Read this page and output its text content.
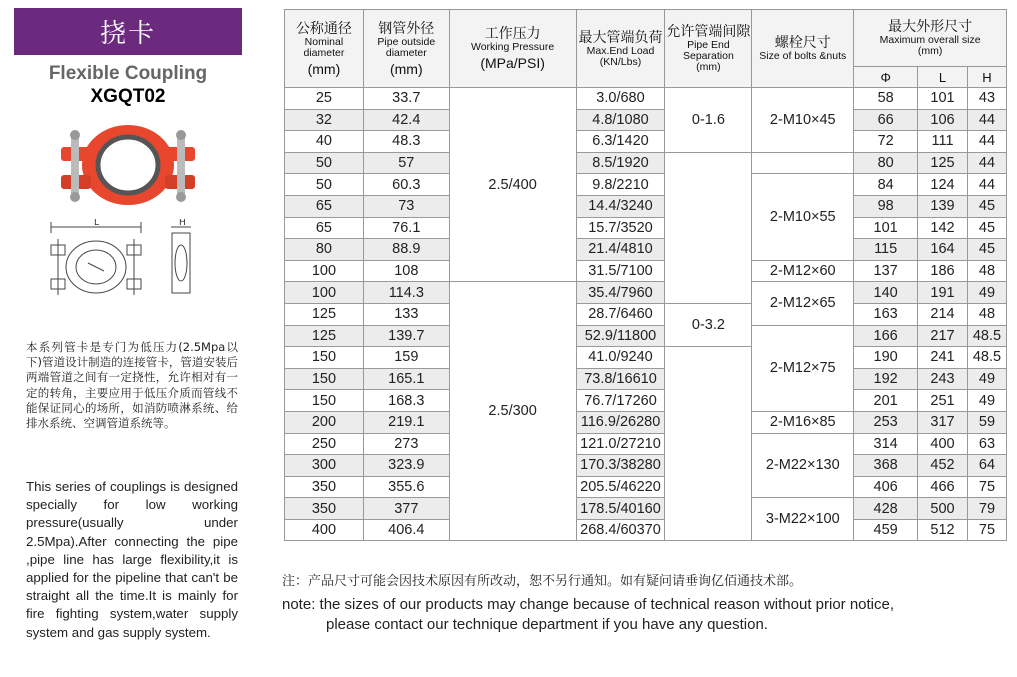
挠卡
Flexible Coupling
XGQT02
L	H
本系列管卡是专门为低压力(2.5Mpa以下)管道设计制造的连接管卡，管道安装后两端管道之间有一定挠性，允许相对有一定的转角，主要应用于低压介质而管线不能保证同心的场所，如消防喷淋系统、给排水系统、空调管道系统等。
This series of couplings is designed specially for low working pressure(usually under 2.5Mpa).After connecting the pipe ,pipe line has large flexibility,it is applied for the pipeline that can't be straight all the time.It is mainly for fire fighting system,water supply system and gas supply system.
公称通径
Nominal diameter
(mm)	钢管外径
Pipe outside diameter
(mm)	工作压力
Working Pressure
(MPa/PSI)	最大管端负荷
Max.End Load
(KN/Lbs)	允许管端间隙
Pipe End Separation
(mm)	螺栓尺寸
Size of bolts &nuts	最大外形尺寸
Maximum overall size
(mm)		

						Φ	L	H
25	33.7	2.5/400	3.0/680	0-1.6	2-M10×45	58	101	43
32	42.4		4.8/1080			66	106	44
40	48.3		6.3/1420			72	111	44
50	57		8.5/1920			80	125	44
50	60.3		9.8/2210		2-M10×55	84	124	44
65	73		14.4/3240			98	139	45
65	76.1		15.7/3520			101	142	45
80	88.9		21.4/4810			115	164	45
100	108		31.5/7100		2-M12×60	137	186	48
100	114.3	2.5/300	35.4/7960		2-M12×65	140	191	49
125	133		28.7/6460	0-3.2		163	214	48
125	139.7		52.9/11800		2-M12×75	166	217	48.5
150	159		41.0/9240			190	241	48.5
150	165.1		73.8/16610			192	243	49
150	168.3		76.7/17260			201	251	49
200	219.1		116.9/26280		2-M16×85	253	317	59
250	273		121.0/27210		2-M22×130	314	400	63
300	323.9		170.3/38280			368	452	64
350	355.6		205.5/46220			406	466	75
350	377		178.5/40160		3-M22×100	428	500	79
400	406.4		268.4/60370			459	512	75
注：产品尺寸可能会因技术原因有所改动，恕不另行通知。如有疑问请垂询亿佰通技术部。
note: the sizes of our products may change because of technical reason without prior notice,
please contact our technique department if you have any question.
